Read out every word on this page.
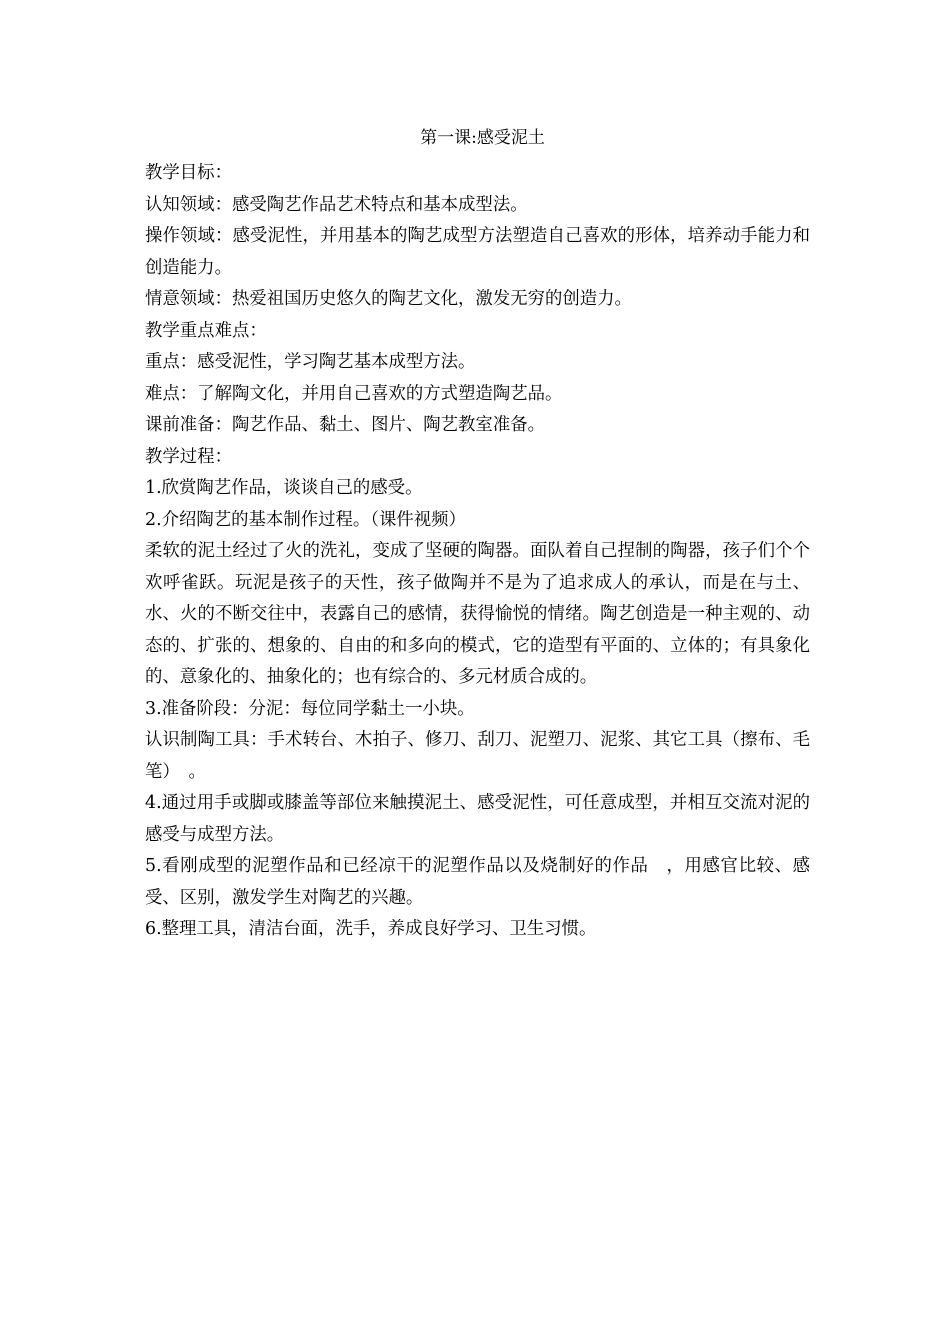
第一课:感受泥土

教学目标：

认知领域：感受陶艺作品艺术特点和基本成型法。

操作领域：感受泥性，并用基本的陶艺成型方法塑造自己喜欢的形体，培养动手能力和创造能力。

情意领域：热爱祖国历史悠久的陶艺文化，激发无穷的创造力。

教学重点难点：

重点：感受泥性，学习陶艺基本成型方法。

难点：了解陶文化，并用自己喜欢的方式塑造陶艺品。

课前准备：陶艺作品、黏土、图片、陶艺教室准备。

教学过程：

1.欣赏陶艺作品，谈谈自己的感受。

2.介绍陶艺的基本制作过程。（课件视频）

柔软的泥土经过了火的洗礼，变成了坚硬的陶器。面队着自己捏制的陶器，孩子们个个欢呼雀跃。玩泥是孩子的天性，孩子做陶并不是为了追求成人的承认，而是在与土、水、火的不断交往中，表露自己的感情，获得愉悦的情绪。陶艺创造是一种主观的、动态的、扩张的、想象的、自由的和多向的模式，它的造型有平面的、立体的；有具象化的、意象化的、抽象化的；也有综合的、多元材质合成的。

3.准备阶段：分泥：每位同学黏土一小块。

认识制陶工具：手术转台、木拍子、修刀、刮刀、泥塑刀、泥浆、其它工具（擦布、毛笔）　。

4.通过用手或脚或膝盖等部位来触摸泥土、感受泥性，可任意成型，并相互交流对泥的感受与成型方法。

5.看刚成型的泥塑作品和已经凉干的泥塑作品以及烧制好的作品　，用感官比较、感受、区别，激发学生对陶艺的兴趣。

6.整理工具，清洁台面，洗手，养成良好学习、卫生习惯。
